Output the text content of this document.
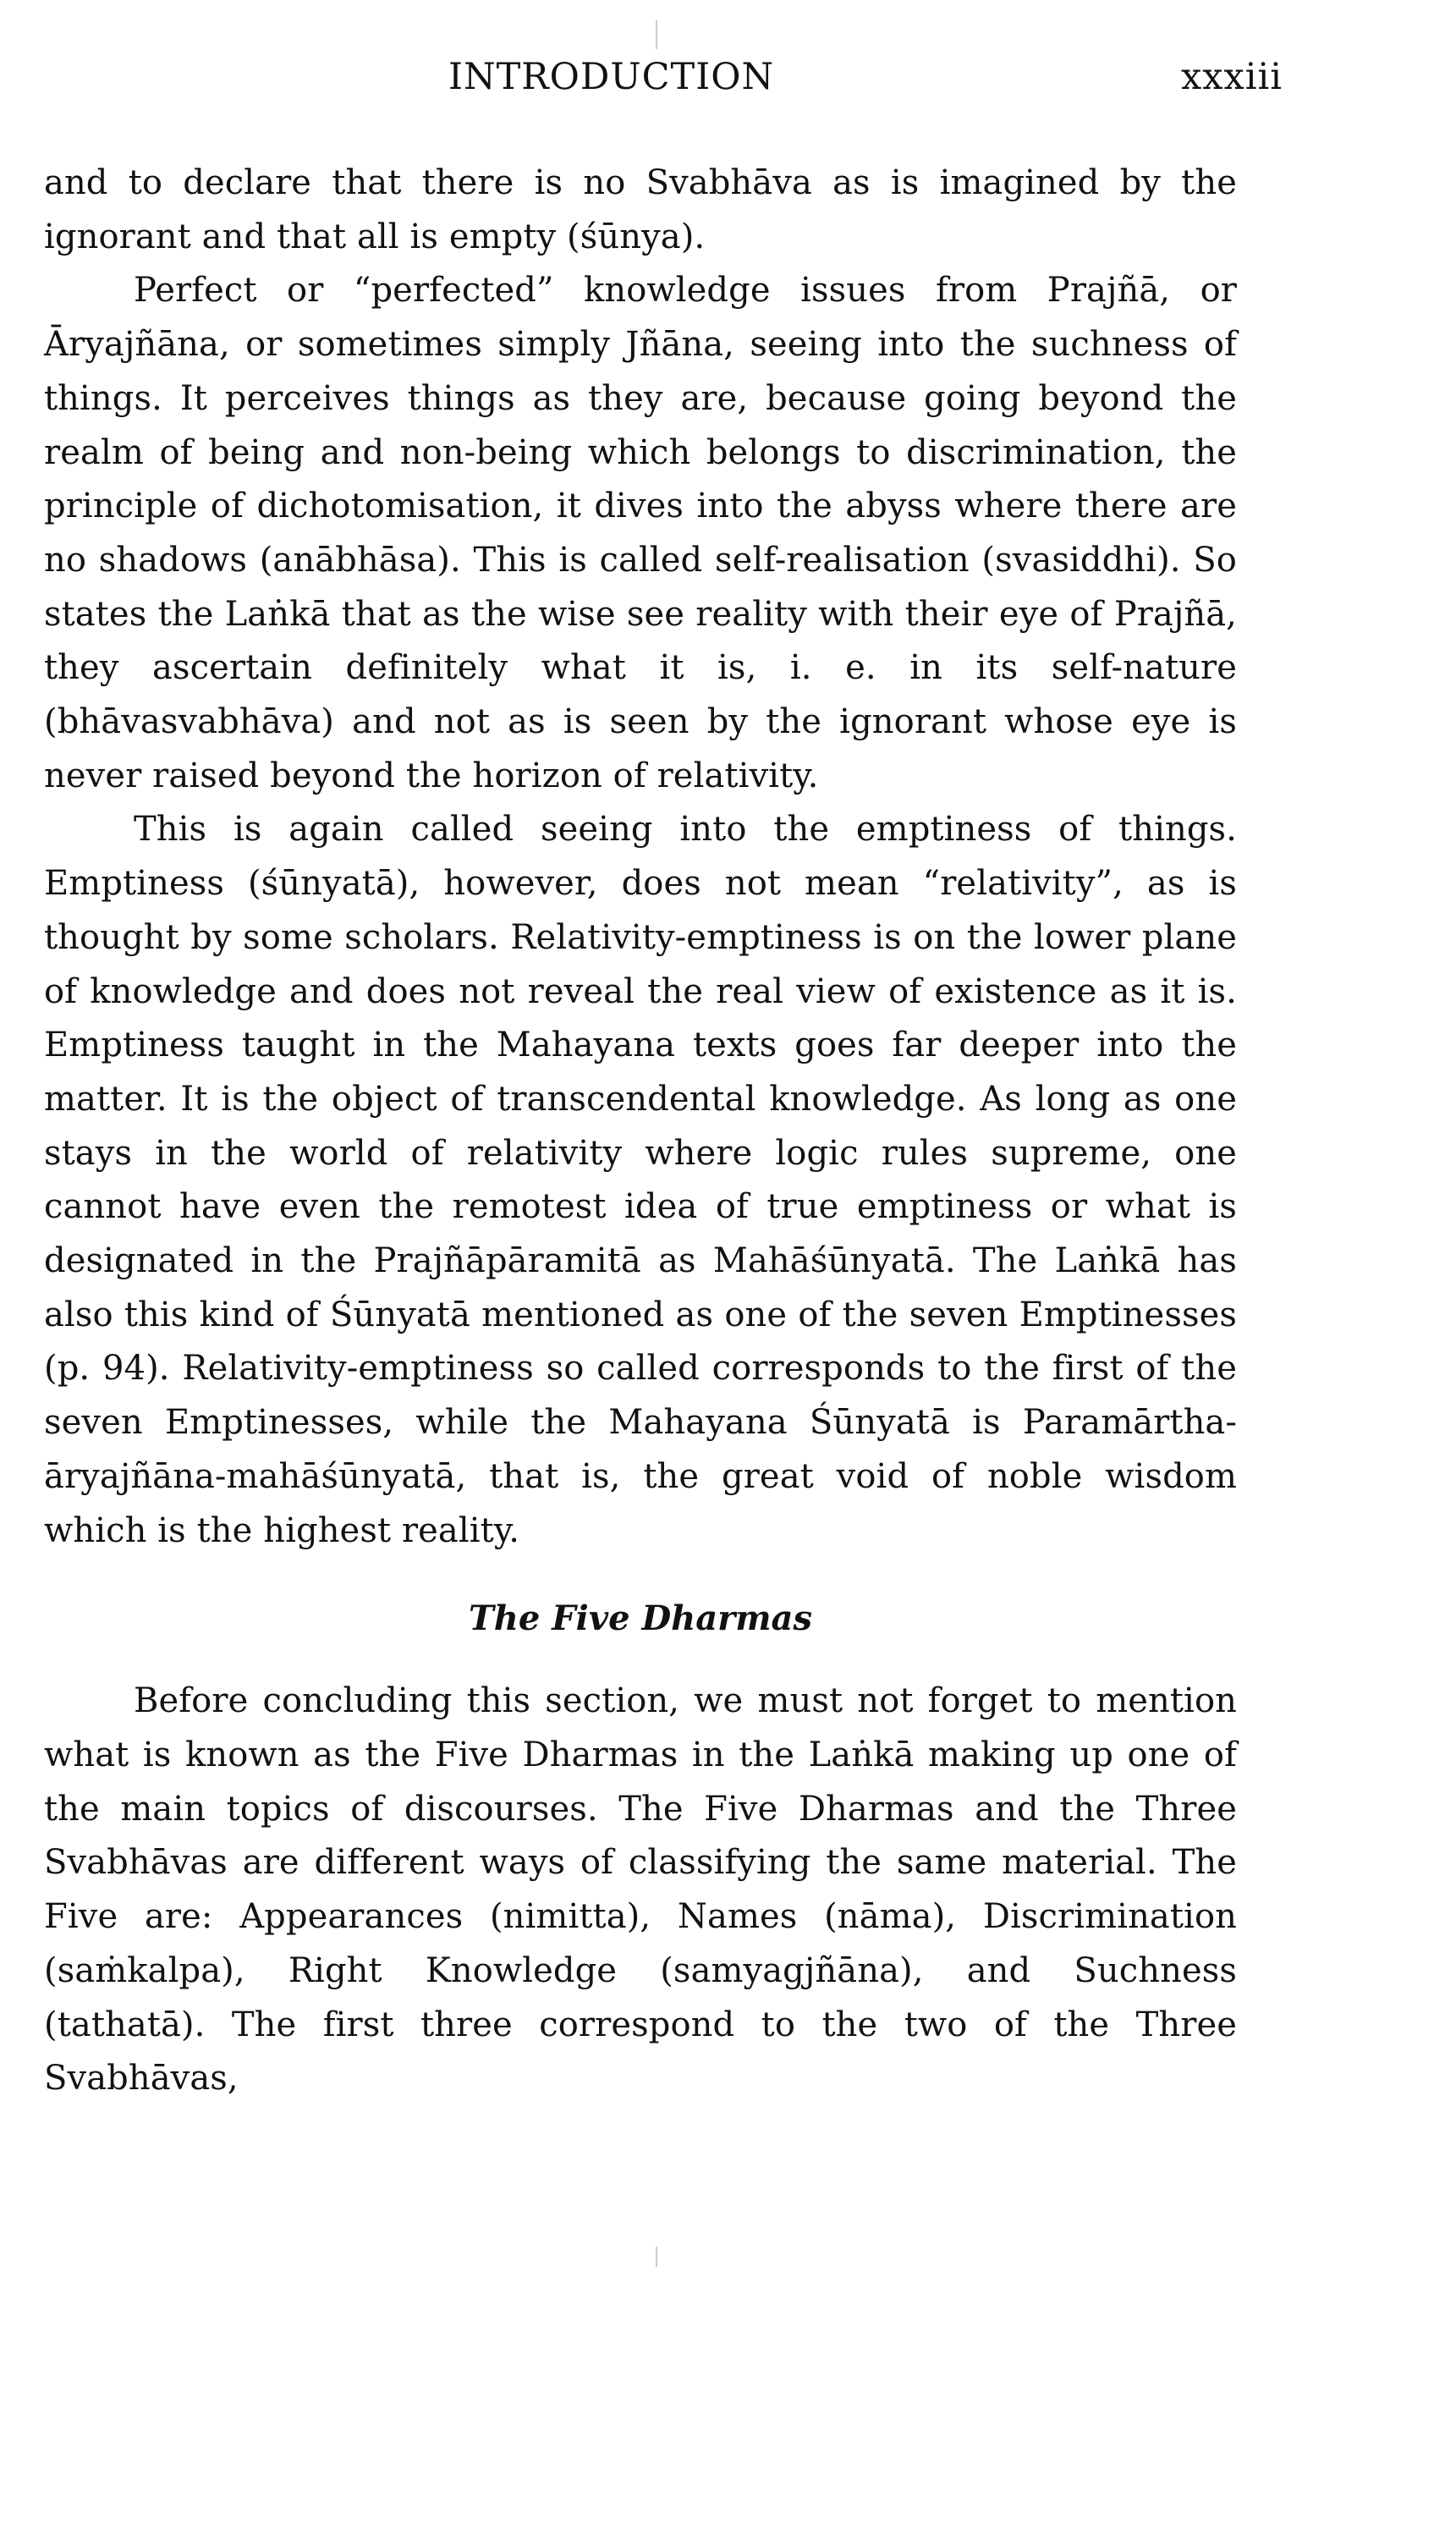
INTRODUCTION	xxxiii

and to declare that there is no Svabhāva as is imagined by the ignorant and that all is empty (śūnya).

Perfect or “perfected” knowledge issues from Prajñā, or Āryajñāna, or sometimes simply Jñāna, seeing into the suchness of things. It perceives things as they are, because going beyond the realm of being and non-being which belongs to discrimination, the principle of dichotomisation, it dives into the abyss where there are no shadows (anābhāsa). This is called self-realisation (svasiddhi). So states the Laṅkā that as the wise see reality with their eye of Prajñā, they ascertain definitely what it is, i. e. in its self-nature (bhāvasvabhāva) and not as is seen by the ignorant whose eye is never raised beyond the horizon of relativity.

This is again called seeing into the emptiness of things. Emptiness (śūnyatā), however, does not mean “relativity”, as is thought by some scholars. Relativity-emptiness is on the lower plane of knowledge and does not reveal the real view of existence as it is. Emptiness taught in the Mahayana texts goes far deeper into the matter. It is the object of transcendental knowledge. As long as one stays in the world of relativity where logic rules supreme, one cannot have even the remotest idea of true emptiness or what is designated in the Prajñāpāramitā as Mahāśūnyatā. The Laṅkā has also this kind of Śūnyatā mentioned as one of the seven Emptinesses (p. 94). Relativity-emptiness so called corresponds to the first of the seven Emptinesses, while the Mahayana Śūnyatā is Paramārtha-āryajñāna-mahāśūnyatā, that is, the great void of noble wisdom which is the highest reality.

The Five Dharmas

Before concluding this section, we must not forget to mention what is known as the Five Dharmas in the Laṅkā making up one of the main topics of discourses. The Five Dharmas and the Three Svabhāvas are different ways of classifying the same material. The Five are: Appearances (nimitta), Names (nāma), Discrimination (saṁkalpa), Right Knowledge (samyagjñāna), and Suchness (tathatā). The first three correspond to the two of the Three Svabhāvas,
